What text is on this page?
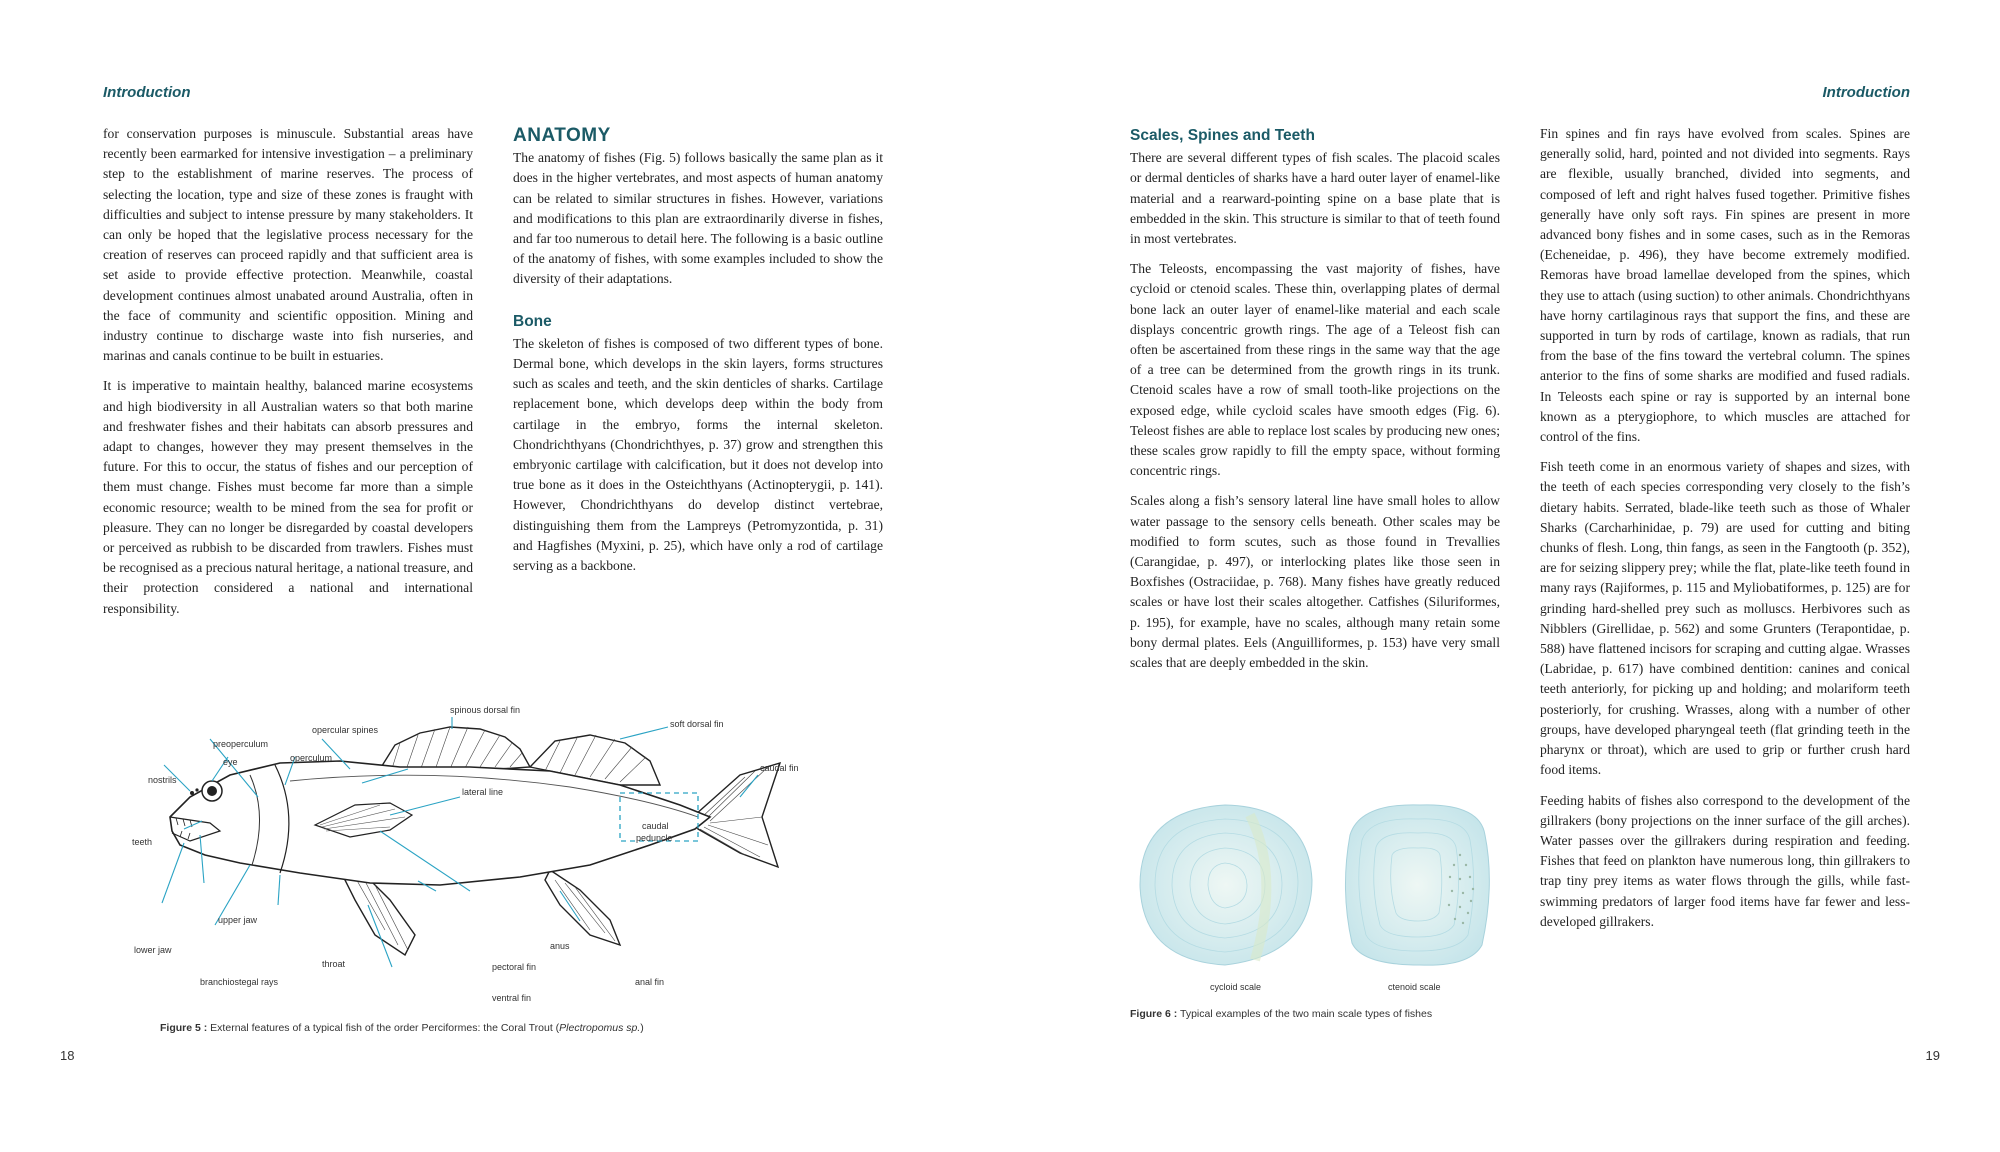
Introduction

for conservation purposes is minuscule. Substantial areas have recently been earmarked for intensive investigation – a preliminary step to the establishment of marine reserves. The process of selecting the location, type and size of these zones is fraught with difficulties and subject to intense pressure by many stakeholders. It can only be hoped that the legislative process necessary for the creation of reserves can proceed rapidly and that sufficient area is set aside to provide effective protection. Meanwhile, coastal development continues almost unabated around Australia, often in the face of community and scientific opposition. Mining and industry continue to discharge waste into fish nurseries, and marinas and canals continue to be built in estuaries.

It is imperative to maintain healthy, balanced marine ecosystems and high biodiversity in all Australian waters so that both marine and freshwater fishes and their habitats can absorb pressures and adapt to changes, however they may present themselves in the future. For this to occur, the status of fishes and our perception of them must change. Fishes must become far more than a simple economic resource; wealth to be mined from the sea for profit or pleasure. They can no longer be disregarded by coastal developers or perceived as rubbish to be discarded from trawlers. Fishes must be recognised as a precious natural heritage, a national treasure, and their protection considered a national and international responsibility.

ANATOMY

The anatomy of fishes (Fig. 5) follows basically the same plan as it does in the higher vertebrates, and most aspects of human anatomy can be related to similar structures in fishes. However, variations and modifications to this plan are extraordinarily diverse in fishes, and far too numerous to detail here. The following is a basic outline of the anatomy of fishes, with some examples included to show the diversity of their adaptations.

Bone

The skeleton of fishes is composed of two different types of bone. Dermal bone, which develops in the skin layers, forms structures such as scales and teeth, and the skin denticles of sharks. Cartilage replacement bone, which develops deep within the body from cartilage in the embryo, forms the internal skeleton. Chondrichthyans (Chondrichthyes, p. 37) grow and strengthen this embryonic cartilage with calcification, but it does not develop into true bone as it does in the Osteichthyans (Actinopterygii, p. 141). However, Chondrichthyans do develop distinct vertebrae, distinguishing them from the Lampreys (Petromyzontida, p. 31) and Hagfishes (Myxini, p. 25), which have only a rod of cartilage serving as a backbone.

spinous dorsal fin
soft dorsal fin
opercular spines
preoperculum
operculum
eye
nostrils
caudal fin
lateral line
caudal
peduncle
teeth
upper jaw
lower jaw
throat
anus
pectoral fin
anal fin
branchiostegal rays
ventral fin
Figure 5 : External features of a typical fish of the order Perciformes: the Coral Trout (Plectropomus sp.)
18
Introduction
Scales, Spines and Teeth

There are several different types of fish scales. The placoid scales or dermal denticles of sharks have a hard outer layer of enamel-like material and a rearward-pointing spine on a base plate that is embedded in the skin. This structure is similar to that of teeth found in most vertebrates.

The Teleosts, encompassing the vast majority of fishes, have cycloid or ctenoid scales. These thin, overlapping plates of dermal bone lack an outer layer of enamel-like material and each scale displays concentric growth rings. The age of a Teleost fish can often be ascertained from these rings in the same way that the age of a tree can be determined from the growth rings in its trunk. Ctenoid scales have a row of small tooth-like projections on the exposed edge, while cycloid scales have smooth edges (Fig. 6). Teleost fishes are able to replace lost scales by producing new ones; these scales grow rapidly to fill the empty space, without forming concentric rings.

Scales along a fish’s sensory lateral line have small holes to allow water passage to the sensory cells beneath. Other scales may be modified to form scutes, such as those found in Trevallies (Carangidae, p. 497), or interlocking plates like those seen in Boxfishes (Ostraciidae, p. 768). Many fishes have greatly reduced scales or have lost their scales altogether. Catfishes (Siluriformes, p. 195), for example, have no scales, although many retain some bony dermal plates. Eels (Anguilliformes, p. 153) have very small scales that are deeply embedded in the skin.

Fin spines and fin rays have evolved from scales. Spines are generally solid, hard, pointed and not divided into segments. Rays are flexible, usually branched, divided into segments, and composed of left and right halves fused together. Primitive fishes generally have only soft rays. Fin spines are present in more advanced bony fishes and in some cases, such as in the Remoras (Echeneidae, p. 496), they have become extremely modified. Remoras have broad lamellae developed from the spines, which they use to attach (using suction) to other animals. Chondrichthyans have horny cartilaginous rays that support the fins, and these are supported in turn by rods of cartilage, known as radials, that run from the base of the fins toward the vertebral column. The spines anterior to the fins of some sharks are modified and fused radials. In Teleosts each spine or ray is supported by an internal bone known as a pterygiophore, to which muscles are attached for control of the fins.

Fish teeth come in an enormous variety of shapes and sizes, with the teeth of each species corresponding very closely to the fish’s dietary habits. Serrated, blade-like teeth such as those of Whaler Sharks (Carcharhinidae, p. 79) are used for cutting and biting chunks of flesh. Long, thin fangs, as seen in the Fangtooth (p. 352), are for seizing slippery prey; while the flat, plate-like teeth found in many rays (Rajiformes, p. 115 and Myliobatiformes, p. 125) are for grinding hard-shelled prey such as molluscs. Herbivores such as Nibblers (Girellidae, p. 562) and some Grunters (Terapontidae, p. 588) have flattened incisors for scraping and cutting algae. Wrasses (Labridae, p. 617) have combined dentition: canines and conical teeth anteriorly, for picking up and holding; and molariform teeth posteriorly, for crushing. Wrasses, along with a number of other groups, have developed pharyngeal teeth (flat grinding teeth in the pharynx or throat), which are used to grip or further crush hard food items.

Feeding habits of fishes also correspond to the development of the gillrakers (bony projections on the inner surface of the gill arches). Water passes over the gillrakers during respiration and feeding. Fishes that feed on plankton have numerous long, thin gillrakers to trap tiny prey items as water flows through the gills, while fast-swimming predators of larger food items have far fewer and less-developed gillrakers.

cycloid scale	ctenoid scale
Figure 6 : Typical examples of the two main scale types of fishes
19
